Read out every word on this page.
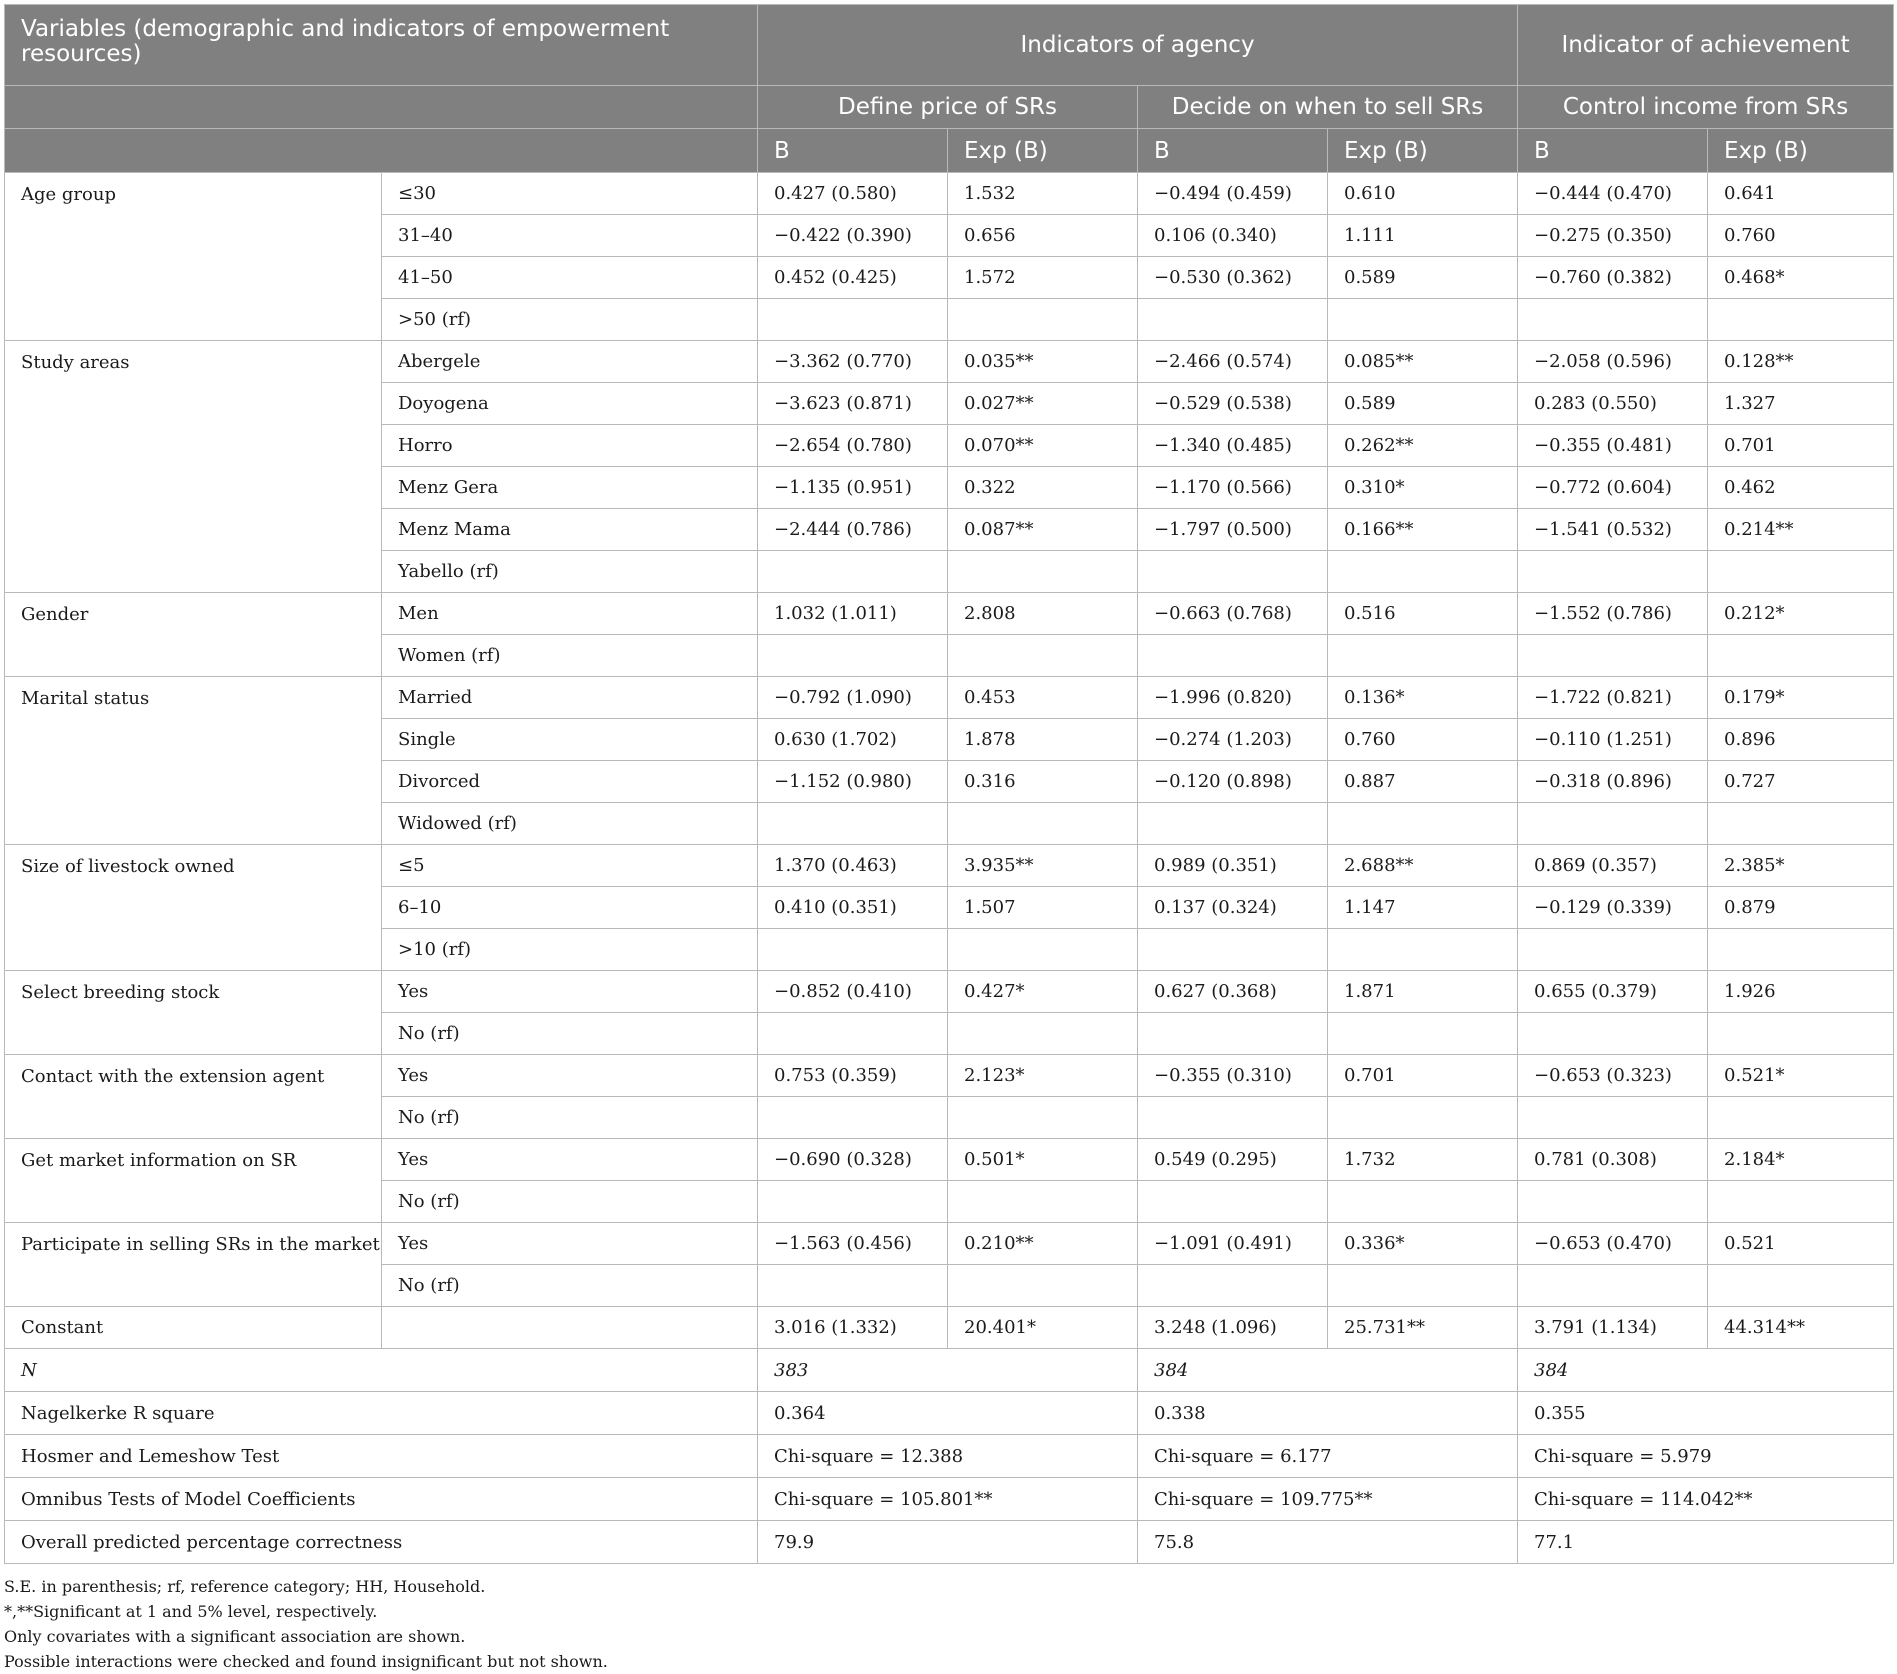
Variables (demographic and indicators of empowerment resources)		Indicators of agency				Indicator of achievement	
		Define price of SRs		Decide on when to sell SRs		Control income from SRs	
		B	Exp (B)	B	Exp (B)	B	Exp (B)
Age group	≤30	0.427 (0.580)	1.532	−0.494 (0.459)	0.610	−0.444 (0.470)	0.641
	31–40	−0.422 (0.390)	0.656	0.106 (0.340)	1.111	−0.275 (0.350)	0.760
	41–50	0.452 (0.425)	1.572	−0.530 (0.362)	0.589	−0.760 (0.382)	0.468*
	>50 (rf)						
Study areas	Abergele	−3.362 (0.770)	0.035**	−2.466 (0.574)	0.085**	−2.058 (0.596)	0.128**
	Doyogena	−3.623 (0.871)	0.027**	−0.529 (0.538)	0.589	0.283 (0.550)	1.327
	Horro	−2.654 (0.780)	0.070**	−1.340 (0.485)	0.262**	−0.355 (0.481)	0.701
	Menz Gera	−1.135 (0.951)	0.322	−1.170 (0.566)	0.310*	−0.772 (0.604)	0.462
	Menz Mama	−2.444 (0.786)	0.087**	−1.797 (0.500)	0.166**	−1.541 (0.532)	0.214**
	Yabello (rf)						
Gender	Men	1.032 (1.011)	2.808	−0.663 (0.768)	0.516	−1.552 (0.786)	0.212*
	Women (rf)						
Marital status	Married	−0.792 (1.090)	0.453	−1.996 (0.820)	0.136*	−1.722 (0.821)	0.179*
	Single	0.630 (1.702)	1.878	−0.274 (1.203)	0.760	−0.110 (1.251)	0.896
	Divorced	−1.152 (0.980)	0.316	−0.120 (0.898)	0.887	−0.318 (0.896)	0.727
	Widowed (rf)						
Size of livestock owned	≤5	1.370 (0.463)	3.935**	0.989 (0.351)	2.688**	0.869 (0.357)	2.385*
	6–10	0.410 (0.351)	1.507	0.137 (0.324)	1.147	−0.129 (0.339)	0.879
	>10 (rf)						
Select breeding stock	Yes	−0.852 (0.410)	0.427*	0.627 (0.368)	1.871	0.655 (0.379)	1.926
	No (rf)						
Contact with the extension agent	Yes	0.753 (0.359)	2.123*	−0.355 (0.310)	0.701	−0.653 (0.323)	0.521*
	No (rf)						
Get market information on SR	Yes	−0.690 (0.328)	0.501*	0.549 (0.295)	1.732	0.781 (0.308)	2.184*
	No (rf)						
Participate in selling SRs in the market	Yes	−1.563 (0.456)	0.210**	−1.091 (0.491)	0.336*	−0.653 (0.470)	0.521
	No (rf)						
Constant		3.016 (1.332)	20.401*	3.248 (1.096)	25.731**	3.791 (1.134)	44.314**
N		383		384		384	
Nagelkerke R square		0.364		0.338		0.355	
Hosmer and Lemeshow Test		Chi-square = 12.388		Chi-square = 6.177		Chi-square = 5.979	
Omnibus Tests of Model Coefficients		Chi-square = 105.801**		Chi-square = 109.775**		Chi-square = 114.042**	
Overall predicted percentage correctness		79.9		75.8		77.1	
S.E. in parenthesis; rf, reference category; HH, Household.
*,**Significant at 1 and 5% level, respectively.
Only covariates with a significant association are shown.
Possible interactions were checked and found insignificant but not shown.
